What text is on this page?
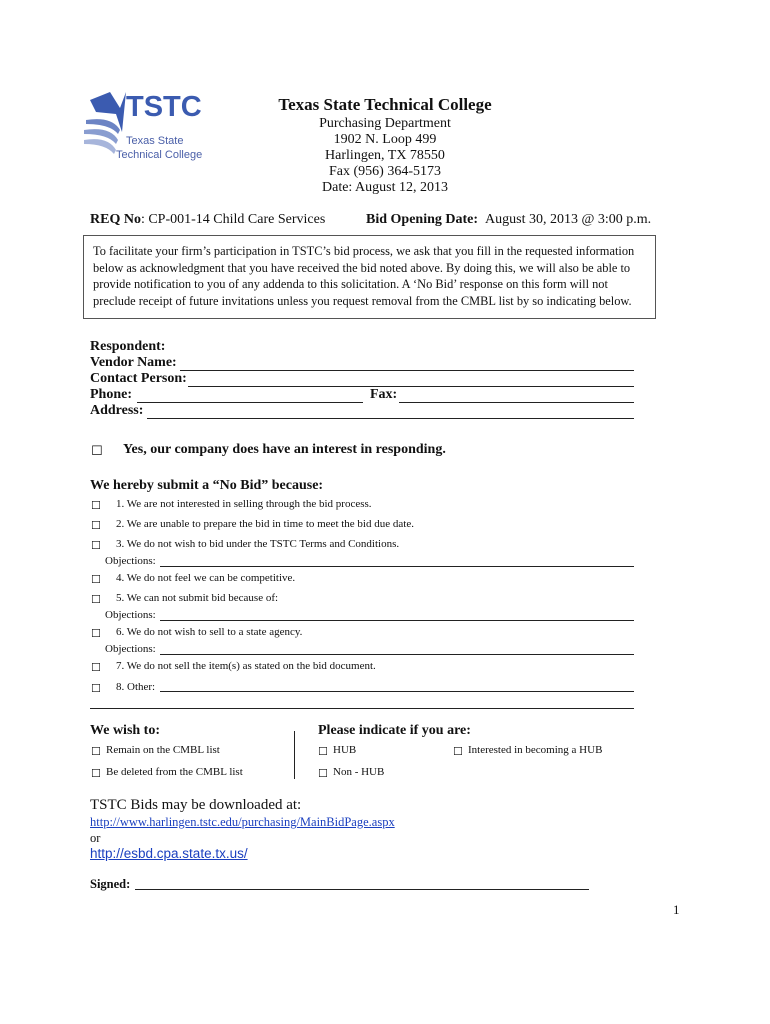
TSTC
Texas State
Technical College
Texas State Technical College
Purchasing Department
1902 N. Loop 499
Harlingen, TX 78550
Fax (956) 364-5173
Date: August 12, 2013
REQ No: CP-001-14 Child Care Services	Bid Opening Date: August 30, 2013 @ 3:00 p.m.
To facilitate your firm’s participation in TSTC’s bid process, we ask that you fill in the requested information below as acknowledgment that you have received the bid noted above. By doing this, we will also be able to provide notification to you of any addenda to this solicitation. A ‘No Bid’ response on this form will not preclude receipt of future invitations unless you request removal from the CMBL list by so indicating below.
Respondent:
Vendor Name:
Contact Person:
Phone:	Fax:
Address:
☐ Yes, our company does have an interest in responding.
We hereby submit a “No Bid” because:
☐ 1. We are not interested in selling through the bid process.
☐ 2. We are unable to prepare the bid in time to meet the bid due date.
☐ 3. We do not wish to bid under the TSTC Terms and Conditions.
Objections:
☐ 4. We do not feel we can be competitive.
☐ 5. We can not submit bid because of:
Objections:
☐ 6. We do not wish to sell to a state agency.
Objections:
☐ 7. We do not sell the item(s) as stated on the bid document.
☐ 8. Other:
We wish to:	Please indicate if you are:
☐ Remain on the CMBL list	☐ HUB	☐ Interested in becoming a HUB
☐ Be deleted from the CMBL list	☐ Non - HUB
TSTC Bids may be downloaded at:
http://www.harlingen.tstc.edu/purchasing/MainBidPage.aspx
or
http://esbd.cpa.state.tx.us/
Signed:
1
